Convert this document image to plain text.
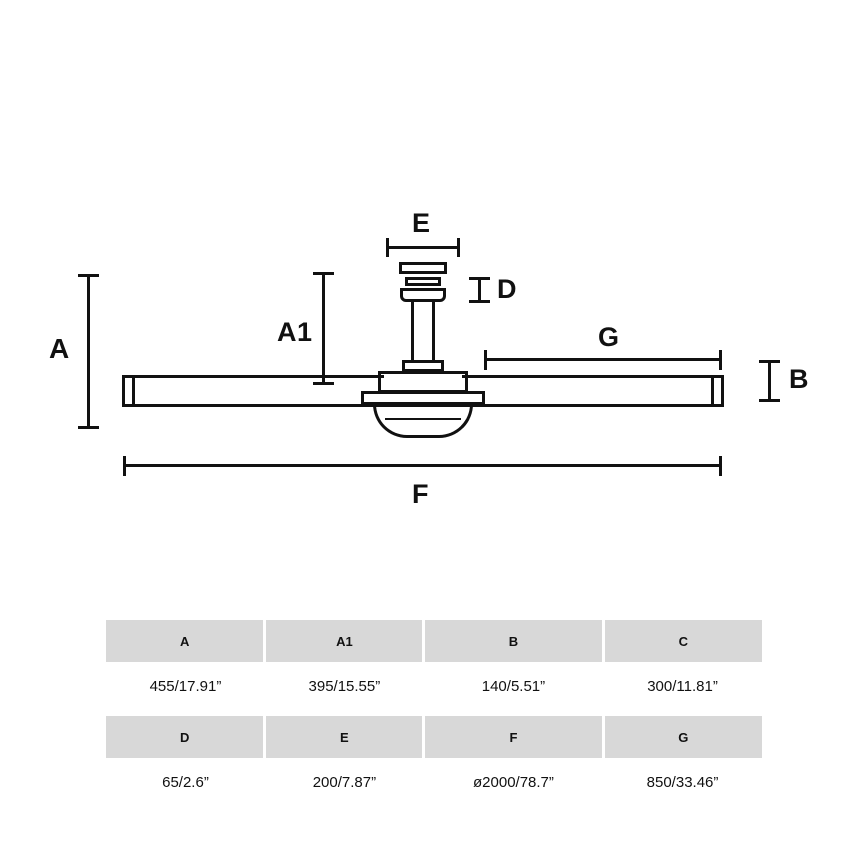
E
A
A1
D
G
B
F
A	A1	B	C
455/17.91”	395/15.55”	140/5.51”	300/11.81”

D	E	F	G
65/2.6”	200/7.87”	ø2000/78.7”	850/33.46”
